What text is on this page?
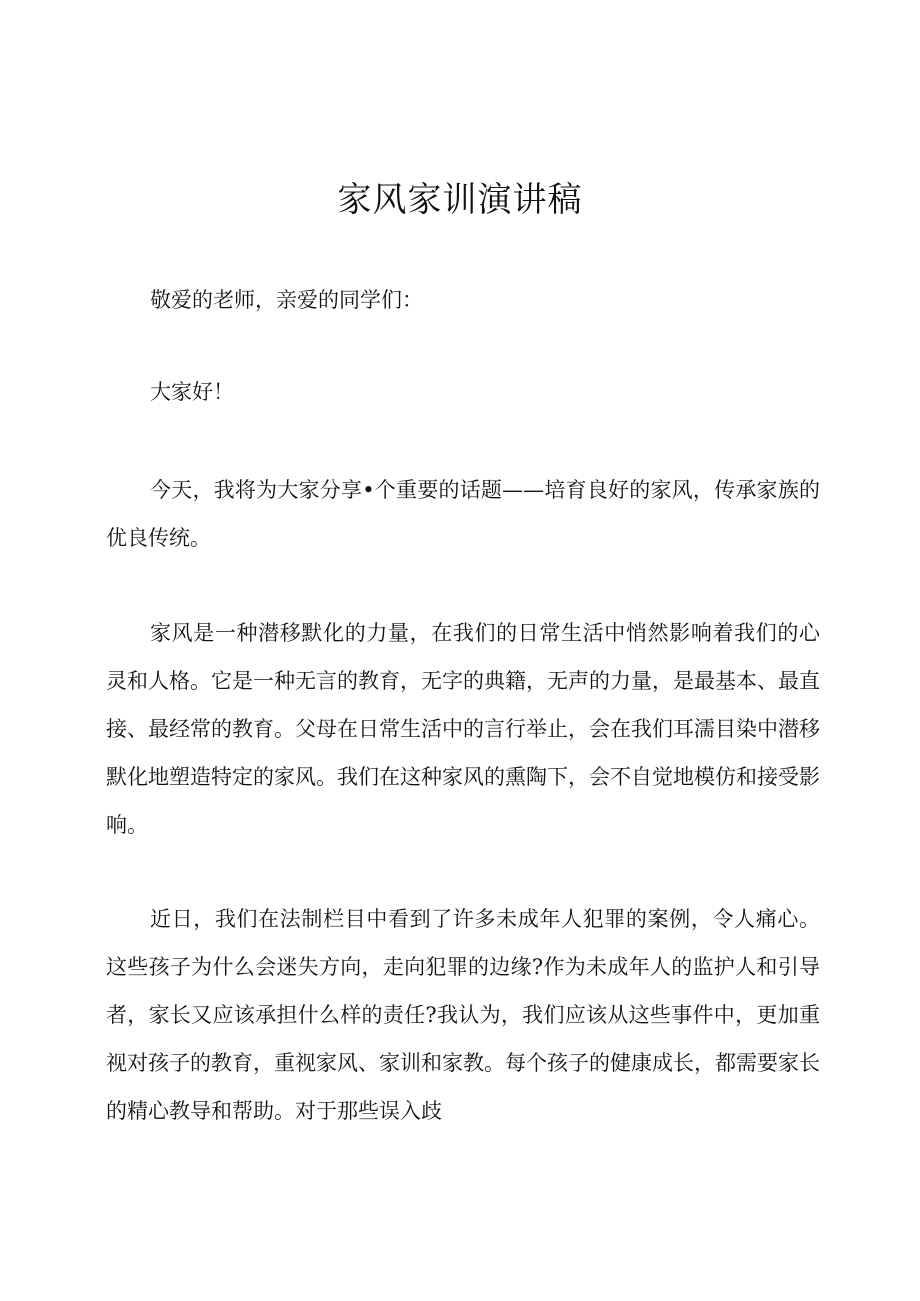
家风家训演讲稿

敬爱的老师，亲爱的同学们：

大家好！

今天，我将为大家分享•个重要的话题——培育良好的家风，传承家族的优良传统。

家风是一种潜移默化的力量，在我们的日常生活中悄然影响着我们的心灵和人格。它是一种无言的教育，无字的典籍，无声的力量，是最基本、最直接、最经常的教育。父母在日常生活中的言行举止，会在我们耳濡目染中潜移默化地塑造特定的家风。我们在这种家风的熏陶下，会不自觉地模仿和接受影响。

近日，我们在法制栏目中看到了许多未成年人犯罪的案例，令人痛心。这些孩子为什么会迷失方向，走向犯罪的边缘?作为未成年人的监护人和引导者，家长又应该承担什么样的责任?我认为，我们应该从这些事件中，更加重视对孩子的教育，重视家风、家训和家教。每个孩子的健康成长，都需要家长的精心教导和帮助。对于那些误入歧
